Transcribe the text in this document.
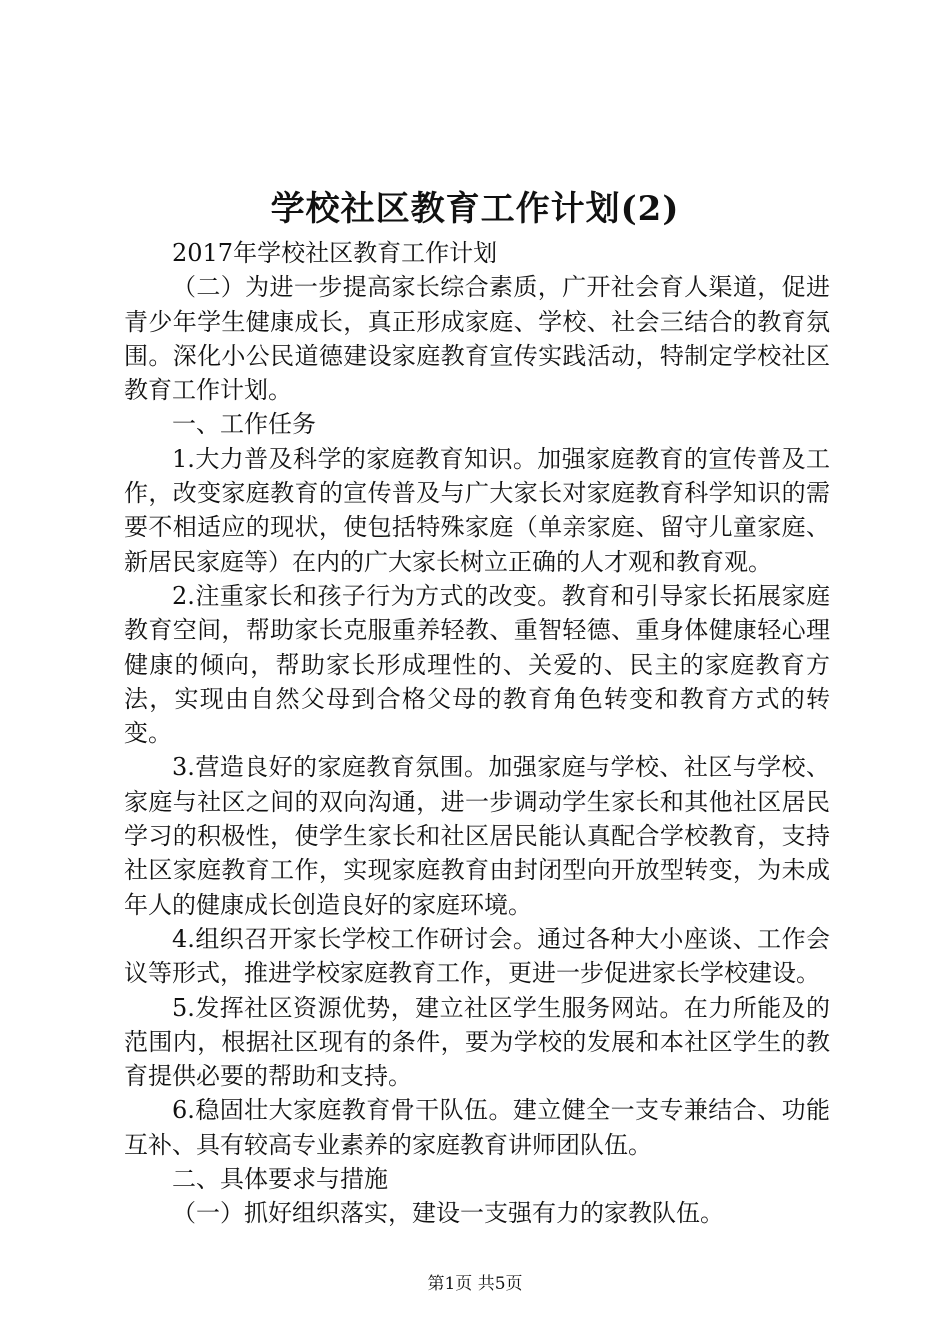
学校社区教育工作计划(2)

2017年学校社区教育工作计划

（二）为进一步提高家长综合素质，广开社会育人渠道，促进青少年学生健康成长，真正形成家庭、学校、社会三结合的教育氛围。深化小公民道德建设家庭教育宣传实践活动，特制定学校社区教育工作计划。

一、工作任务

1.大力普及科学的家庭教育知识。加强家庭教育的宣传普及工作，改变家庭教育的宣传普及与广大家长对家庭教育科学知识的需要不相适应的现状，使包括特殊家庭（单亲家庭、留守儿童家庭、新居民家庭等）在内的广大家长树立正确的人才观和教育观。

2.注重家长和孩子行为方式的改变。教育和引导家长拓展家庭教育空间，帮助家长克服重养轻教、重智轻德、重身体健康轻心理健康的倾向，帮助家长形成理性的、关爱的、民主的家庭教育方法，实现由自然父母到合格父母的教育角色转变和教育方式的转变。

3.营造良好的家庭教育氛围。加强家庭与学校、社区与学校、家庭与社区之间的双向沟通，进一步调动学生家长和其他社区居民学习的积极性，使学生家长和社区居民能认真配合学校教育，支持社区家庭教育工作，实现家庭教育由封闭型向开放型转变，为未成年人的健康成长创造良好的家庭环境。

4.组织召开家长学校工作研讨会。通过各种大小座谈、工作会议等形式，推进学校家庭教育工作，更进一步促进家长学校建设。

5.发挥社区资源优势，建立社区学生服务网站。在力所能及的范围内，根据社区现有的条件，要为学校的发展和本社区学生的教育提供必要的帮助和支持。

6.稳固壮大家庭教育骨干队伍。建立健全一支专兼结合、功能互补、具有较高专业素养的家庭教育讲师团队伍。

二、具体要求与措施

（一）抓好组织落实，建设一支强有力的家教队伍。

第1页 共5页
